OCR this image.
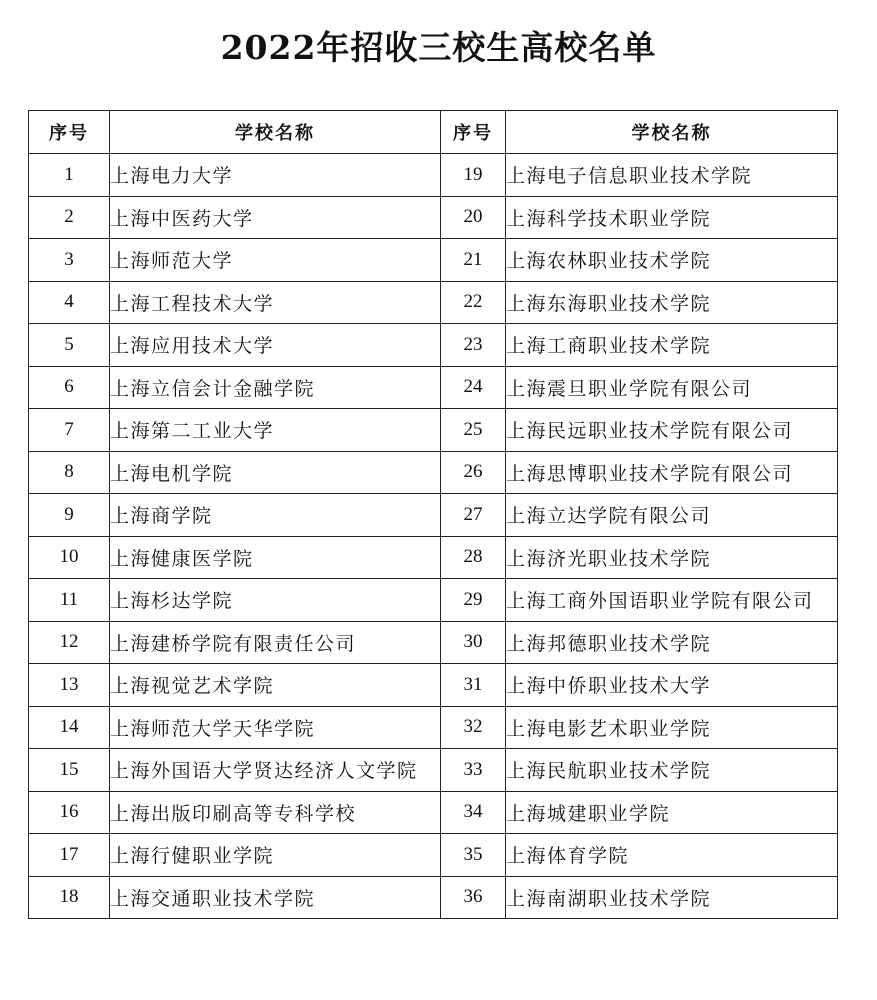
2022年招收三校生高校名单
序号	学校名称	序号	学校名称
1	上海电力大学	19	上海电子信息职业技术学院
2	上海中医药大学	20	上海科学技术职业学院
3	上海师范大学	21	上海农林职业技术学院
4	上海工程技术大学	22	上海东海职业技术学院
5	上海应用技术大学	23	上海工商职业技术学院
6	上海立信会计金融学院	24	上海震旦职业学院有限公司
7	上海第二工业大学	25	上海民远职业技术学院有限公司
8	上海电机学院	26	上海思博职业技术学院有限公司
9	上海商学院	27	上海立达学院有限公司
10	上海健康医学院	28	上海济光职业技术学院
11	上海杉达学院	29	上海工商外国语职业学院有限公司
12	上海建桥学院有限责任公司	30	上海邦德职业技术学院
13	上海视觉艺术学院	31	上海中侨职业技术大学
14	上海师范大学天华学院	32	上海电影艺术职业学院
15	上海外国语大学贤达经济人文学院	33	上海民航职业技术学院
16	上海出版印刷高等专科学校	34	上海城建职业学院
17	上海行健职业学院	35	上海体育学院
18	上海交通职业技术学院	36	上海南湖职业技术学院
